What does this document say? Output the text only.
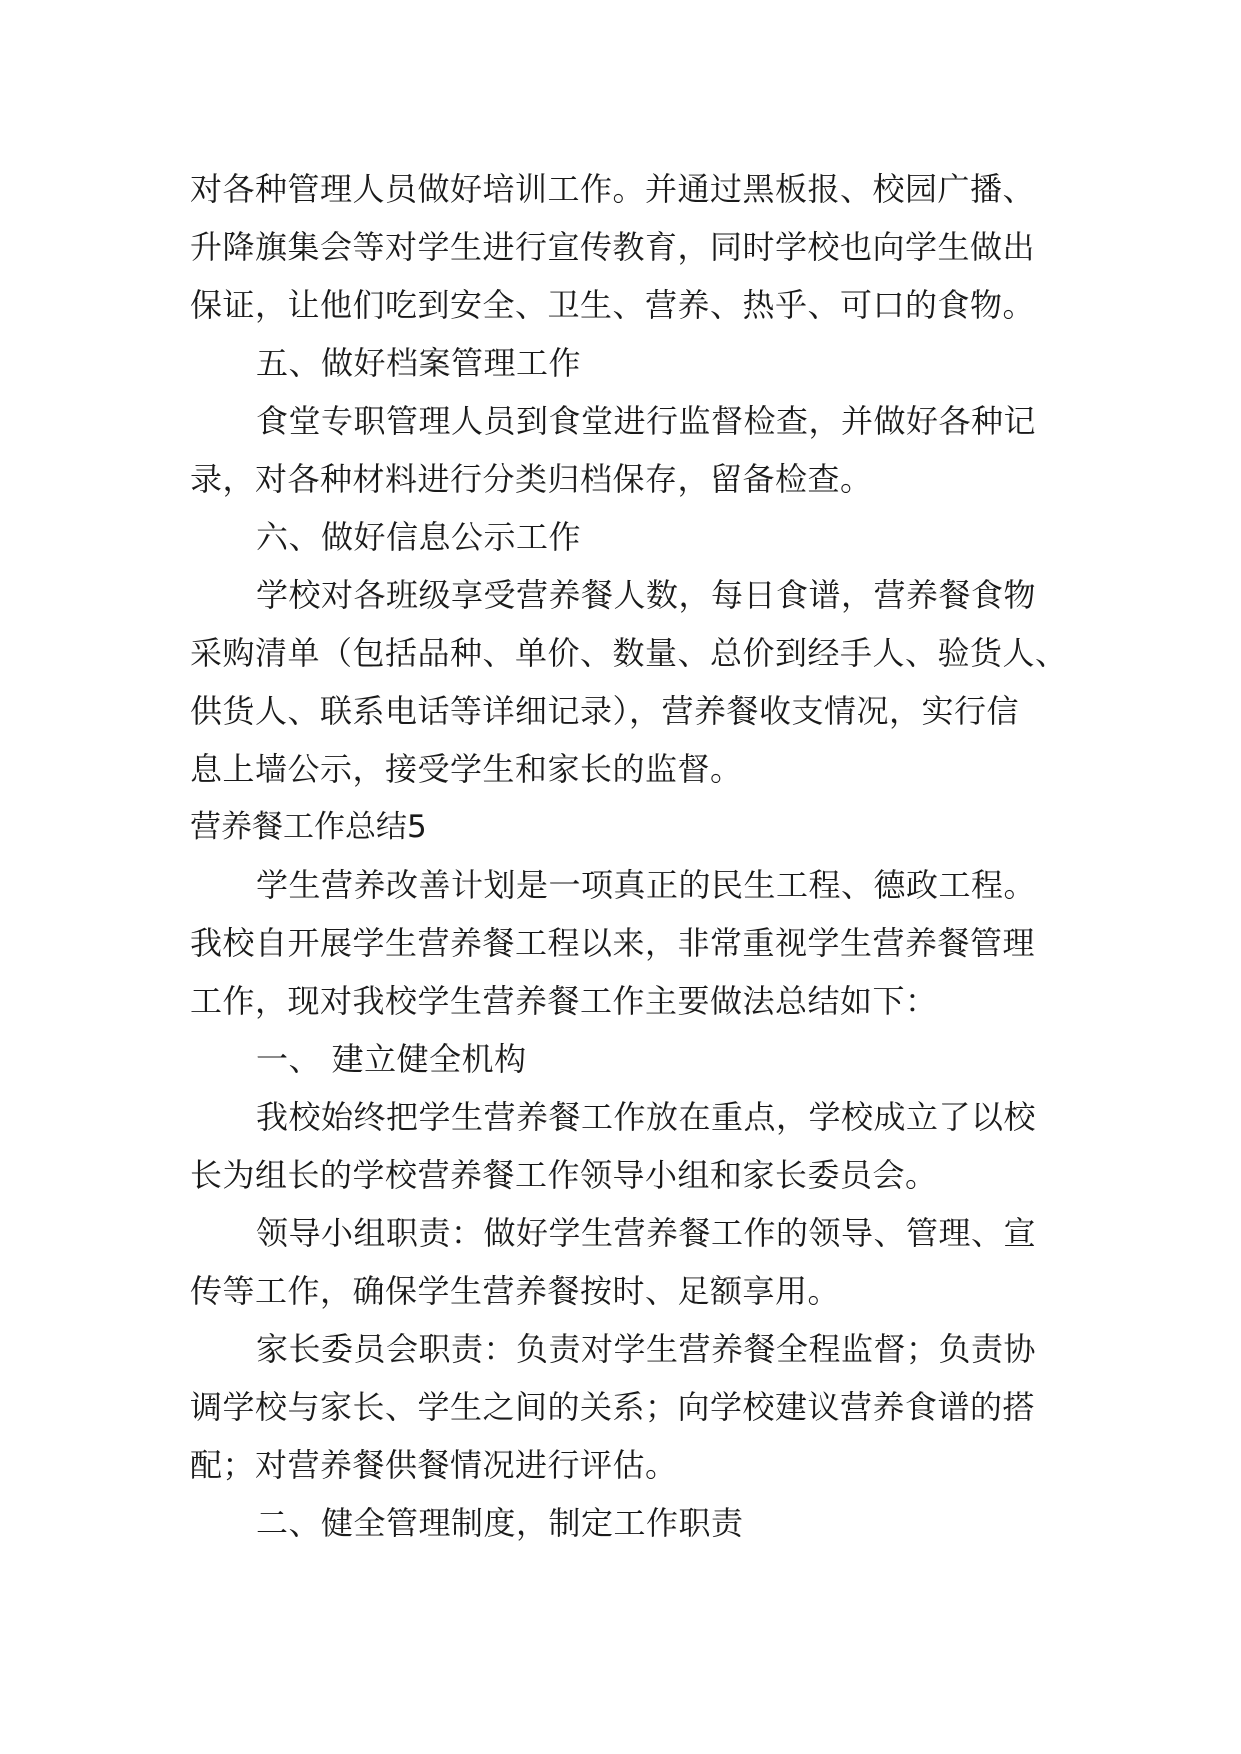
对各种管理人员做好培训工作。并通过黑板报、校园广播、
升降旗集会等对学生进行宣传教育，同时学校也向学生做出
保证，让他们吃到安全、卫生、营养、热乎、可口的食物。
五、做好档案管理工作
食堂专职管理人员到食堂进行监督检查，并做好各种记
录，对各种材料进行分类归档保存，留备检查。
六、做好信息公示工作
学校对各班级享受营养餐人数，每日食谱，营养餐食物
采购清单（包括品种、单价、数量、总价到经手人、验货人、
供货人、联系电话等详细记录），营养餐收支情况，实行信
息上墙公示，接受学生和家长的监督。
营养餐工作总结5
学生营养改善计划是一项真正的民生工程、德政工程。
我校自开展学生营养餐工程以来，非常重视学生营养餐管理
工作，现对我校学生营养餐工作主要做法总结如下：
一、 建立健全机构
我校始终把学生营养餐工作放在重点，学校成立了以校
长为组长的学校营养餐工作领导小组和家长委员会。
领导小组职责：做好学生营养餐工作的领导、管理、宣
传等工作，确保学生营养餐按时、足额享用。
家长委员会职责：负责对学生营养餐全程监督；负责协
调学校与家长、学生之间的关系；向学校建议营养食谱的搭
配；对营养餐供餐情况进行评估。
二、健全管理制度，制定工作职责
